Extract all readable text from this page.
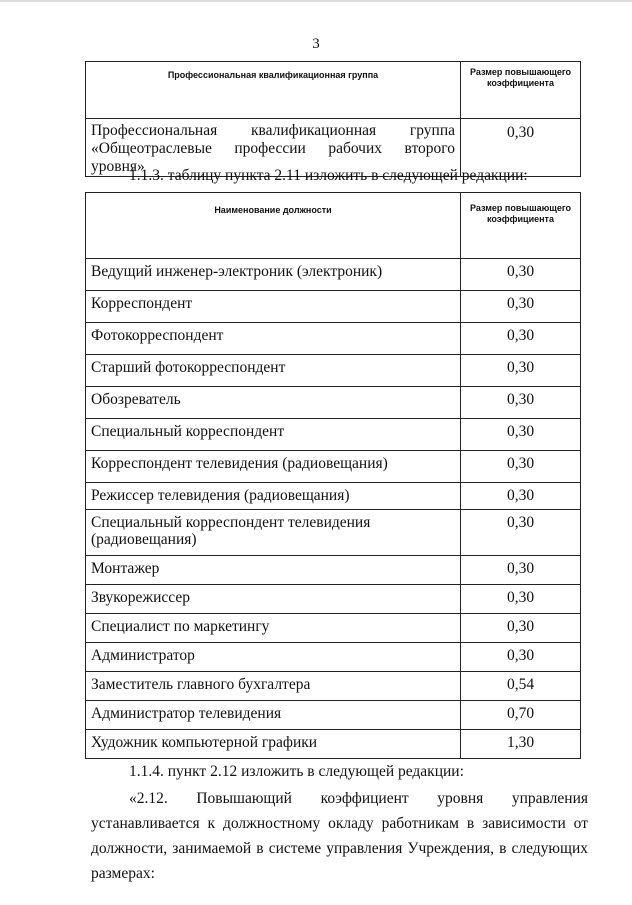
3
Профессиональная квалификационная группа	Размер повышающего коэффициента
Профессиональная квалификационная группа «Общеотраслевые профессии рабочих второго уровня»	0,30
1.1.3. таблицу пункта 2.11 изложить в следующей редакции:
Наименование должности	Размер повышающего коэффициента
Ведущий инженер-электроник (электроник)	0,30
Корреспондент	0,30
Фотокорреспондент	0,30
Старший фотокорреспондент	0,30
Обозреватель	0,30
Специальный корреспондент	0,30
Корреспондент телевидения (радиовещания)	0,30
Режиссер телевидения (радиовещания)	0,30
Специальный корреспондент телевидения (радиовещания)	0,30
Монтажер	0,30
Звукорежиссер	0,30
Специалист по маркетингу	0,30
Администратор	0,30
Заместитель главного бухгалтера	0,54
Администратор телевидения	0,70
Художник компьютерной графики	1,30
1.1.4. пункт 2.12 изложить в следующей редакции:
«2.12. Повышающий коэффициент уровня управления устанавливается к должностному окладу работникам в зависимости от должности, занимаемой в системе управления Учреждения, в следующих размерах:
